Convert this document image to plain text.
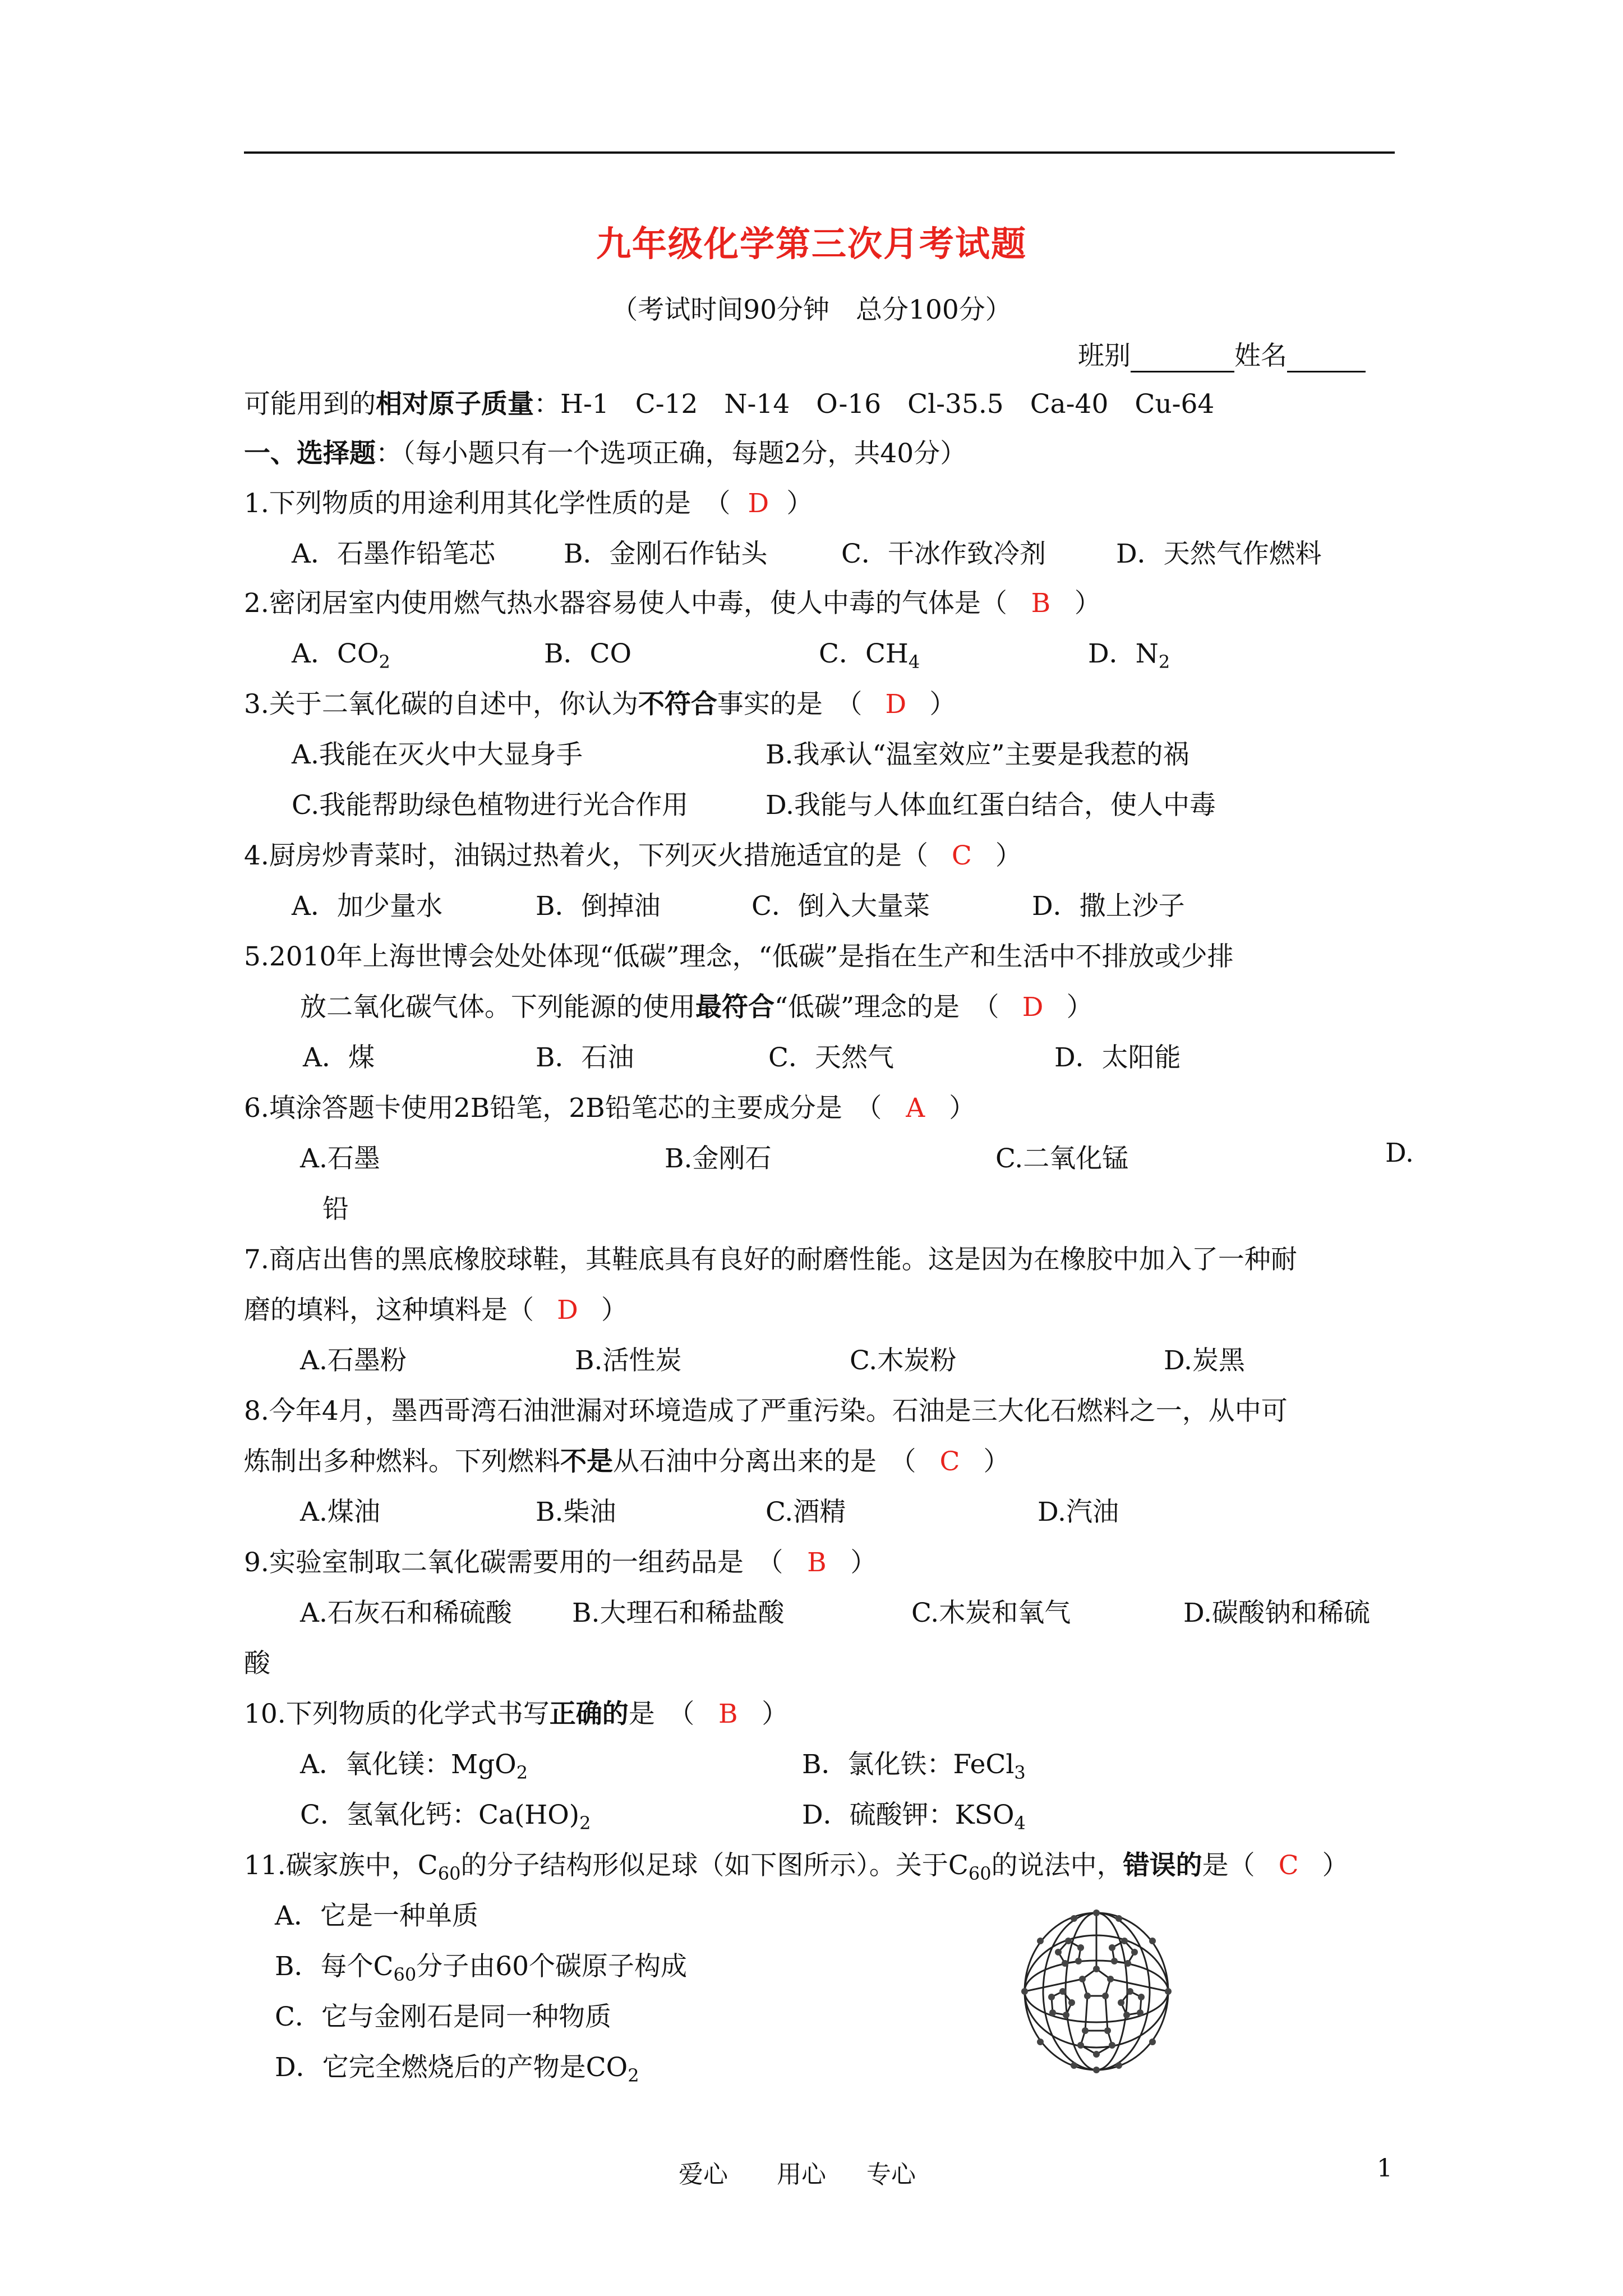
九年级化学第三次月考试题
（考试时间90分钟　总分100分）
班别	姓名
可能用到的相对原子质量：H-1　C-12　N-14　O-16　Cl-35.5　Ca-40　Cu-64
一、选择题：（每小题只有一个选项正确，每题2分，共40分）
1.下列物质的用途利用其化学性质的是　（ D ）
A．石墨作铅笔芯	B．金刚石作钻头	C．干冰作致冷剂	D．天然气作燃料
2.密闭居室内使用燃气热水器容易使人中毒，使人中毒的气体是（ B ）
A．$CO_2$	B．CO	C．$CH_4$	D．$N_2$
3.关于二氧化碳的自述中，你认为不符合事实的是　（ D ）
A.我能在灭火中大显身手	B.我承认“温室效应”主要是我惹的祸
C.我能帮助绿色植物进行光合作用	D.我能与人体血红蛋白结合，使人中毒
4.厨房炒青菜时，油锅过热着火，下列灭火措施适宜的是（ C ）
A．加少量水	B．倒掉油	C．倒入大量菜	D．撒上沙子
5.2010年上海世博会处处体现“低碳”理念，“低碳”是指在生产和生活中不排放或少排
放二氧化碳气体。下列能源的使用最符合“低碳”理念的是　（ D ）
A．煤	B．石油	C．天然气	D．太阳能
6.填涂答题卡使用2B铅笔，2B铅笔芯的主要成分是　（ A ）
A.石墨	B.金刚石	C.二氧化锰	D.
铅
7.商店出售的黑底橡胶球鞋，其鞋底具有良好的耐磨性能。这是因为在橡胶中加入了一种耐
磨的填料，这种填料是（ D ）
A.石墨粉	B.活性炭	C.木炭粉	D.炭黑
8.今年4月，墨西哥湾石油泄漏对环境造成了严重污染。石油是三大化石燃料之一，从中可
炼制出多种燃料。下列燃料不是从石油中分离出来的是　（ C ）
A.煤油	B.柴油	C.酒精	D.汽油
9.实验室制取二氧化碳需要用的一组药品是　（ B ）
A.石灰石和稀硫酸 B.大理石和稀盐酸	C.木炭和氧气	D.碳酸钠和稀硫
酸
10.下列物质的化学式书写正确的是　（ B ）
A．氧化镁：MgO$_2$	B．氯化铁：FeCl$_3$
C．氢氧化钙：$Ca(HO)_2$	D．硫酸钾：$KSO_4$
11.碳家族中，$C_{60}$的分子结构形似足球（如下图所示）。关于$C_{60}$的说法中，错误的是（ C ）
A．它是一种单质
B．每个$C_{60}$分子由60个碳原子构成
C．它与金刚石是同一种物质
D．它完全燃烧后的产物是$CO_2$
爱心 用心 专心	1
